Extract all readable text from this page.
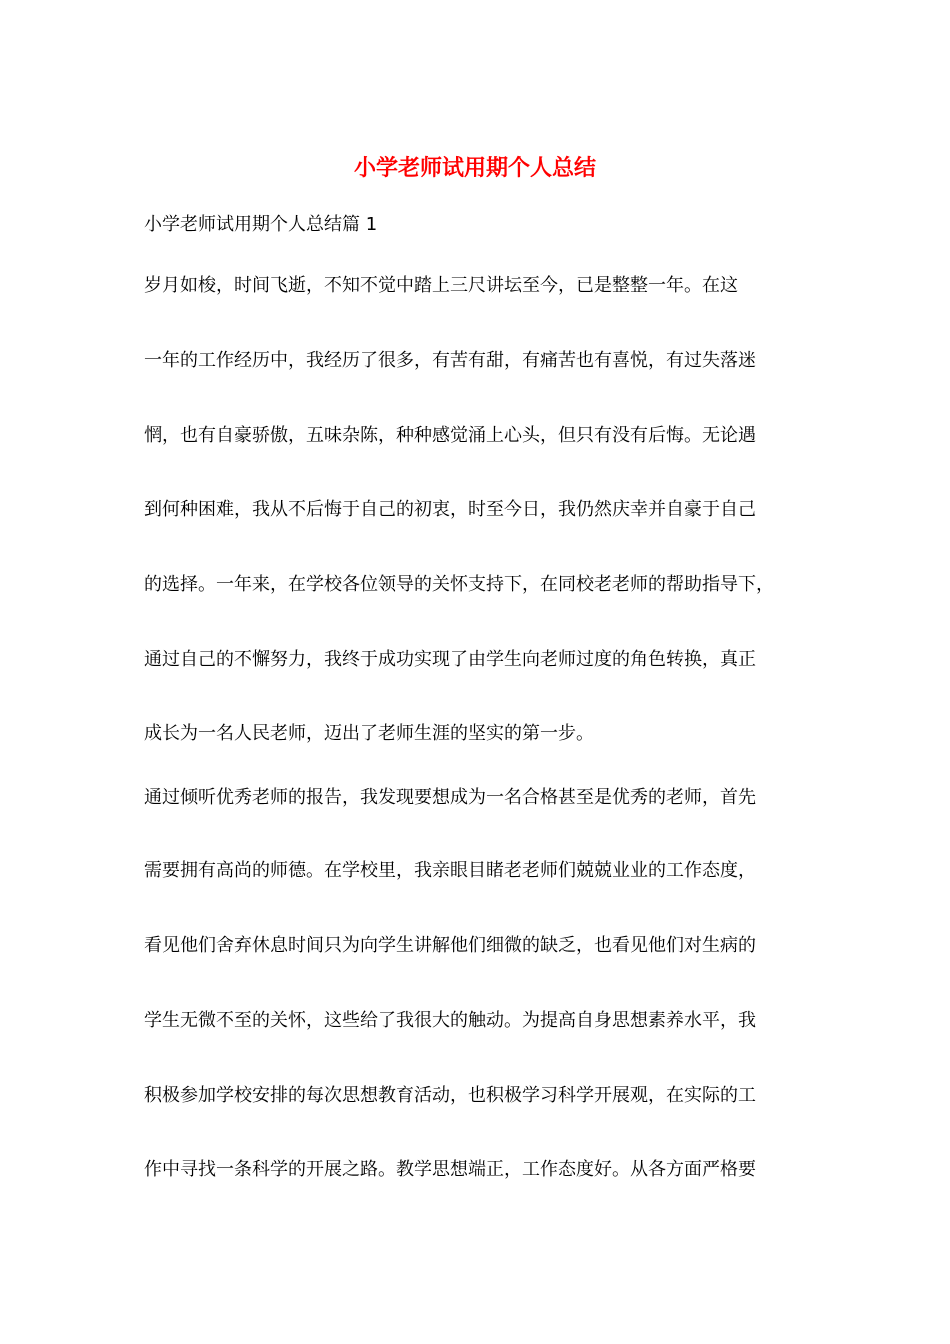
小学老师试用期个人总结

小学老师试用期个人总结篇 1

岁月如梭，时间飞逝，不知不觉中踏上三尺讲坛至今，已是整整一年。在这

一年的工作经历中，我经历了很多，有苦有甜，有痛苦也有喜悦，有过失落迷

惘，也有自豪骄傲，五味杂陈，种种感觉涌上心头，但只有没有后悔。无论遇

到何种困难，我从不后悔于自己的初衷，时至今日，我仍然庆幸并自豪于自己

的选择。一年来，在学校各位领导的关怀支持下，在同校老老师的帮助指导下，

通过自己的不懈努力，我终于成功实现了由学生向老师过度的角色转换，真正

成长为一名人民老师，迈出了老师生涯的坚实的第一步。

通过倾听优秀老师的报告，我发现要想成为一名合格甚至是优秀的老师，首先

需要拥有高尚的师德。在学校里，我亲眼目睹老老师们兢兢业业的工作态度，

看见他们舍弃休息时间只为向学生讲解他们细微的缺乏，也看见他们对生病的

学生无微不至的关怀，这些给了我很大的触动。为提高自身思想素养水平，我

积极参加学校安排的每次思想教育活动，也积极学习科学开展观，在实际的工

作中寻找一条科学的开展之路。教学思想端正，工作态度好。从各方面严格要
